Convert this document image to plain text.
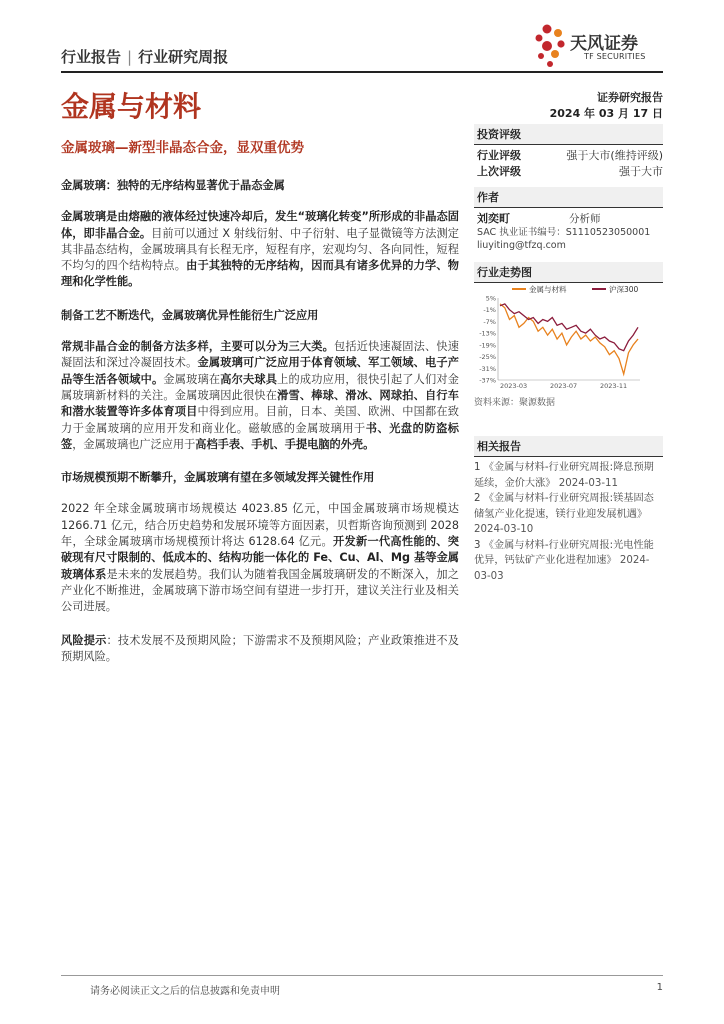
行业报告 | 行业研究周报
天风证券
TF SECURITIES
金属与材料	证券研究报告
2024 年 03 月 17 日
金属玻璃—新型非晶态合金，显双重优势

金属玻璃：独特的无序结构显著优于晶态金属

金属玻璃是由熔融的液体经过快速冷却后，发生“玻璃化转变”所形成的非晶态固体，即非晶合金。目前可以通过 X 射线衍射、中子衍射、电子显微镜等方法测定其非晶态结构，金属玻璃具有长程无序，短程有序，宏观均匀、各向同性，短程不均匀的四个结构特点。由于其独特的无序结构，因而具有诸多优异的力学、物理和化学性能。

制备工艺不断迭代，金属玻璃优异性能衍生广泛应用

常规非晶合金的制备方法多样，主要可以分为三大类。包括近快速凝固法、快速凝固法和深过冷凝固技术。金属玻璃可广泛应用于体育领域、军工领域、电子产品等生活各领域中。金属玻璃在高尔夫球具上的成功应用，很快引起了人们对金属玻璃新材料的关注。金属玻璃因此很快在滑雪、棒球、滑冰、网球拍、自行车和潜水装置等许多体育项目中得到应用。目前，日本、美国、欧洲、中国都在致力于金属玻璃的应用开发和商业化。磁敏感的金属玻璃用于书、光盘的防盗标签，金属玻璃也广泛应用于高档手表、手机、手提电脑的外壳。

市场规模预期不断攀升，金属玻璃有望在多领域发挥关键性作用

2022 年全球金属玻璃市场规模达 4023.85 亿元，中国金属玻璃市场规模达 1266.71 亿元，结合历史趋势和发展环境等方面因素，贝哲斯咨询预测到 2028 年，全球金属玻璃市场规模预计将达 6128.64 亿元。开发新一代高性能的、突破现有尺寸限制的、低成本的、结构功能一体化的 Fe、Cu、Al、Mg 基等金属玻璃体系是未来的发展趋势。我们认为随着我国金属玻璃研发的不断深入，加之产业化不断推进，金属玻璃下游市场空间有望进一步打开，建议关注行业及相关公司进展。

风险提示：技术发展不及预期风险；下游需求不及预期风险；产业政策推进不及预期风险。

投资评级
行业评级	强于大市(维持评级)
上次评级	强于大市
作者
刘奕町	分析师
SAC 执业证书编号：S1110523050001
liuyiting@tfzq.com
行业走势图
金属与材料	沪深300
5%
-1%
-7%
-13%
-19%
-25%
-31%
-37%
2023-03	2023-07	2023-11
资料来源：聚源数据
相关报告
1 《金属与材料-行业研究周报:降息预期延续，金价大涨》 2024-03-11
2 《金属与材料-行业研究周报:镁基固态储氢产业化提速，镁行业迎发展机遇》 2024-03-10
3 《金属与材料-行业研究周报:光电性能优异，钙钛矿产业化进程加速》 2024-03-03
请务必阅读正文之后的信息披露和免责申明	1
